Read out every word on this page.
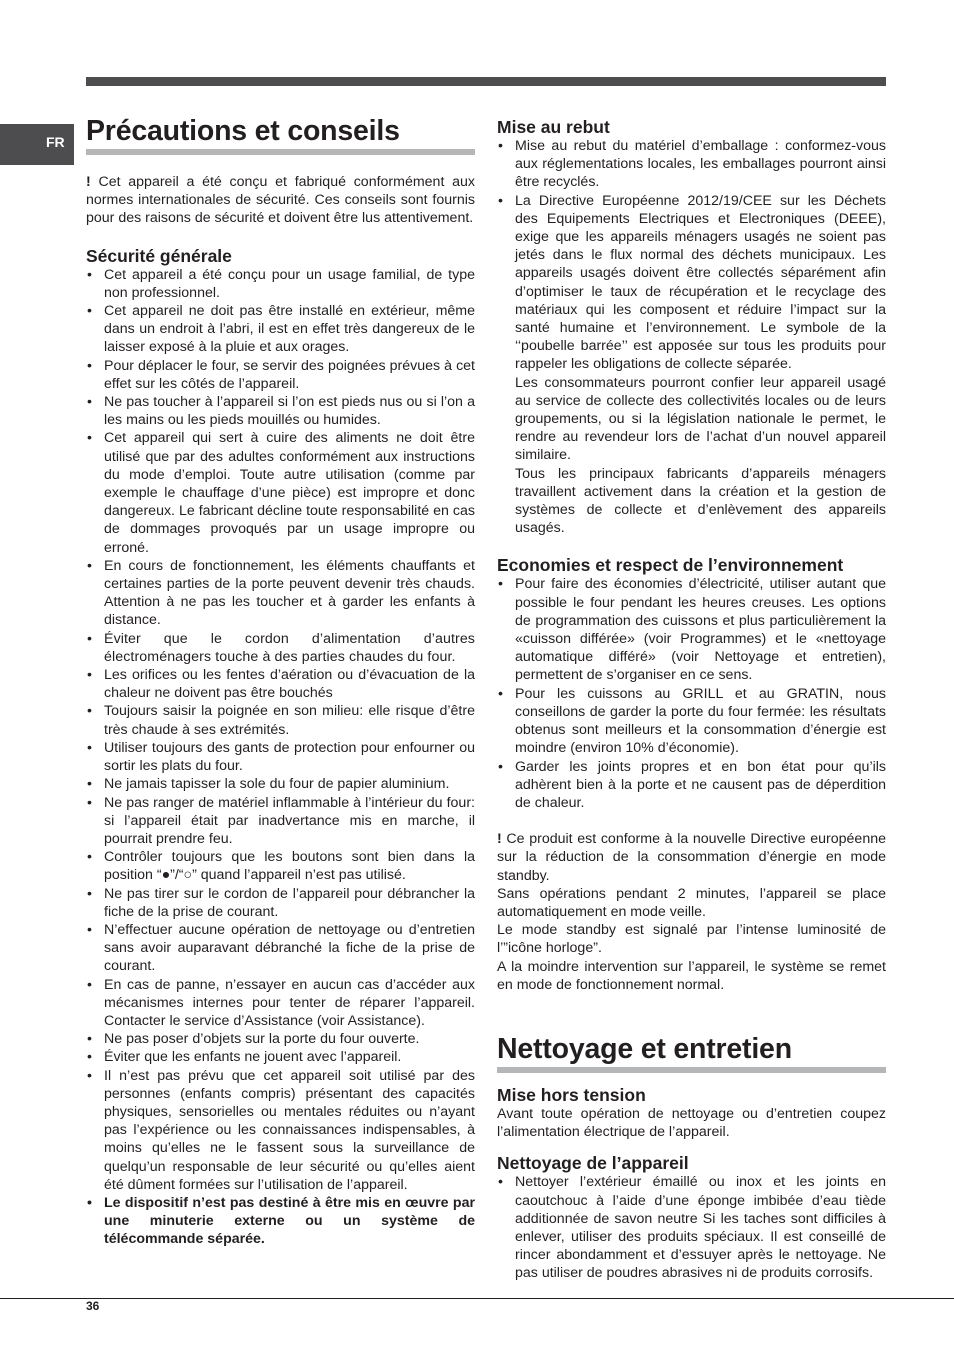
FR Précautions et conseils

! Cet appareil a été conçu et fabriqué conformément aux normes internationales de sécurité. Ces conseils sont fournis pour des raisons de sécurité et doivent être lus attentivement.

Sécurité générale
• Cet appareil a été conçu pour un usage familial, de type non professionnel.
• Cet appareil ne doit pas être installé en extérieur, même dans un endroit à l’abri, il est en effet très dangereux de le laisser exposé à la pluie et aux orages.
• Pour déplacer le four, se servir des poignées prévues à cet effet sur les côtés de l’appareil.
• Ne pas toucher à l’appareil si l’on est pieds nus ou si l’on a les mains ou les pieds mouillés ou humides.
• Cet appareil qui sert à cuire des aliments ne doit être utilisé que par des adultes conformément aux instructions du mode d’emploi. Toute autre utilisation (comme par exemple le chauffage d’une pièce) est impropre et donc dangereux. Le fabricant décline toute responsabilité en cas de dommages provoqués par un usage impropre ou erroné.
• En cours de fonctionnement, les éléments chauffants et certaines parties de la porte peuvent devenir très chauds. Attention à ne pas les toucher et à garder les enfants à distance.
• Éviter que le cordon d’alimentation d’autres électroménagers touche à des parties chaudes du four.
• Les orifices ou les fentes d’aération ou d’évacuation de la chaleur ne doivent pas être bouchés
• Toujours saisir la poignée en son milieu: elle risque d’être très chaude à ses extrémités.
• Utiliser toujours des gants de protection pour enfourner ou sortir les plats du four.
• Ne jamais tapisser la sole du four de papier aluminium.
• Ne pas ranger de matériel inflammable à l’intérieur du four: si l’appareil était par inadvertance mis en marche, il pourrait prendre feu.
• Contrôler toujours que les boutons sont bien dans la position “●”/“○” quand l’appareil n’est pas utilisé.
• Ne pas tirer sur le cordon de l’appareil pour débrancher la fiche de la prise de courant.
• N’effectuer aucune opération de nettoyage ou d’entretien sans avoir auparavant débranché la fiche de la prise de courant.
• En cas de panne, n’essayer en aucun cas d’accéder aux mécanismes internes pour tenter de réparer l’appareil. Contacter le service d’Assistance (voir Assistance).
• Ne pas poser d’objets sur la porte du four ouverte.
• Éviter que les enfants ne jouent avec l’appareil.
• Il n’est pas prévu que cet appareil soit utilisé par des personnes (enfants compris) présentant des capacités physiques, sensorielles ou mentales réduites ou n’ayant pas l’expérience ou les connaissances indispensables, à moins qu’elles ne le fassent sous la surveillance de quelqu’un responsable de leur sécurité ou qu’elles aient été dûment formées sur l’utilisation de l’appareil.
• Le dispositif n’est pas destiné à être mis en œuvre par une minuterie externe ou un système de télécommande séparée.
Mise au rebut
• Mise au rebut du matériel d’emballage : conformez-vous aux réglementations locales, les emballages pourront ainsi être recyclés.
• La Directive Européenne 2012/19/CEE sur les Déchets des Equipements Electriques et Electroniques (DEEE), exige que les appareils ménagers usagés ne soient pas jetés dans le flux normal des déchets municipaux. Les appareils usagés doivent être collectés séparément afin d’optimiser le taux de récupération et le recyclage des matériaux qui les composent et réduire l’impact sur la santé humaine et l’environnement. Le symbole de la ‘‘poubelle barrée’’ est apposée sur tous les produits pour rappeler les obligations de collecte séparée.
Les consommateurs pourront confier leur appareil usagé au service de collecte des collectivités locales ou de leurs groupements, ou si la législation nationale le permet, le rendre au revendeur lors de l’achat d’un nouvel appareil similaire.
Tous les principaux fabricants d’appareils ménagers travaillent activement dans la création et la gestion de systèmes de collecte et d’enlèvement des appareils usagés.
Economies et respect de l’environnement
• Pour faire des économies d’électricité, utiliser autant que possible le four pendant les heures creuses. Les options de programmation des cuissons et plus particulièrement la «cuisson différée» (voir Programmes) et le «nettoyage automatique différé» (voir Nettoyage et entretien), permettent de s’organiser en ce sens.
• Pour les cuissons au GRILL et au GRATIN, nous conseillons de garder la porte du four fermée: les résultats obtenus sont meilleurs et la consommation d’énergie est moindre (environ 10% d’économie).
• Garder les joints propres et en bon état pour qu’ils adhèrent bien à la porte et ne causent pas de déperdition de chaleur.

! Ce produit est conforme à la nouvelle Directive européenne sur la réduction de la consommation d’énergie en mode standby.

Sans opérations pendant 2 minutes, l’appareil se place automatiquement en mode veille.

Le mode standby est signalé par l’intense luminosité de l’”icône horloge”.

A la moindre intervention sur l’appareil, le système se remet en mode de fonctionnement normal.

Nettoyage et entretien
Mise hors tension

Avant toute opération de nettoyage ou d’entretien coupez l’alimentation électrique de l’appareil.

Nettoyage de l’appareil
• Nettoyer l’extérieur émaillé ou inox et les joints en caoutchouc à l’aide d’une éponge imbibée d’eau tiède additionnée de savon neutre Si les taches sont difficiles à enlever, utiliser des produits spéciaux. Il est conseillé de rincer abondamment et d’essuyer après le nettoyage. Ne pas utiliser de poudres abrasives ni de produits corrosifs.
36
